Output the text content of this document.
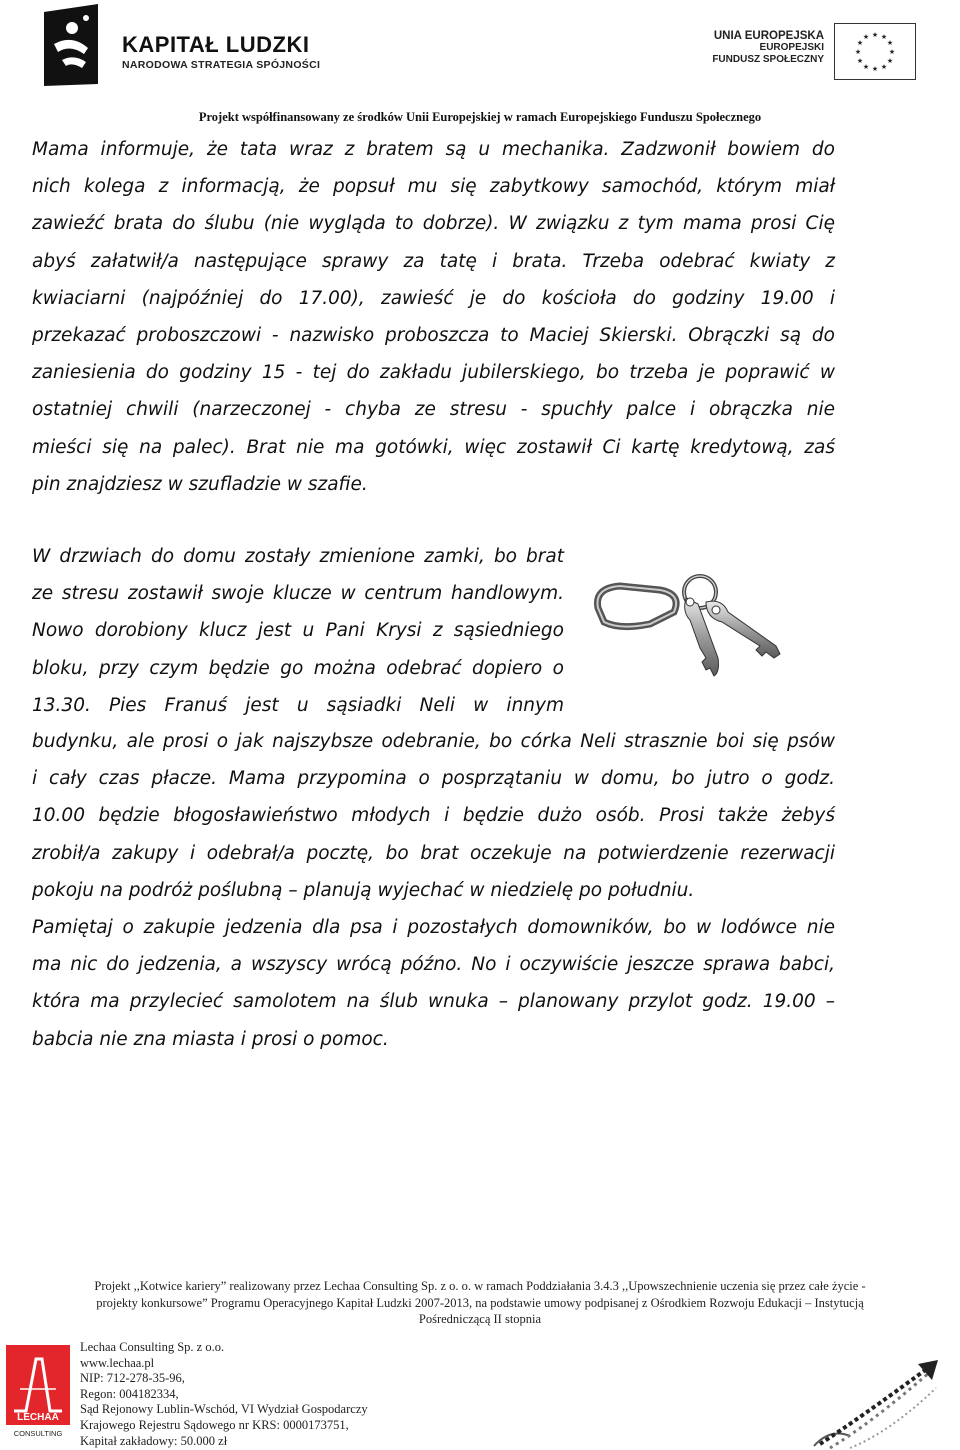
KAPITAŁ LUDZKI
NARODOWA STRATEGIA SPÓJNOŚCI
UNIA EUROPEJSKA
EUROPEJSKI
FUNDUSZ SPOŁECZNY
★ ★
★
★
★
★
★
★
★
★
★
★
Projekt współfinansowany ze środków Unii Europejskiej w ramach Europejskiego Funduszu Społecznego
Mama informuje, że tata wraz z bratem są u mechanika. Zadzwonił bowiem do
nich kolega z informacją, że popsuł mu się zabytkowy samochód, którym miał
zawieźć brata do ślubu (nie wygląda to dobrze). W związku z tym mama prosi Cię
abyś załatwił/a następujące sprawy za tatę i brata. Trzeba odebrać kwiaty z
kwiaciarni (najpóźniej do 17.00), zawieść je do kościoła do godziny 19.00 i
przekazać proboszczowi - nazwisko proboszcza to Maciej Skierski. Obrączki są do
zaniesienia do godziny 15 - tej do zakładu jubilerskiego, bo trzeba je poprawić w
ostatniej chwili (narzeczonej - chyba ze stresu - spuchły palce i obrączka nie
mieści się na palec). Brat nie ma gotówki, więc zostawił Ci kartę kredytową, zaś
pin znajdziesz w szufladzie w szafie.
W drzwiach do domu zostały zmienione zamki, bo brat
ze stresu zostawił swoje klucze w centrum handlowym.
Nowo dorobiony klucz jest u Pani Krysi z sąsiedniego
bloku, przy czym będzie go można odebrać dopiero o
13.30. Pies Franuś jest u sąsiadki Neli w innym
budynku, ale prosi o jak najszybsze odebranie, bo córka Neli strasznie boi się psów
i cały czas płacze. Mama przypomina o posprzątaniu w domu, bo jutro o godz.
10.00 będzie błogosławieństwo młodych i będzie dużo osób. Prosi także żebyś
zrobił/a zakupy i odebrał/a pocztę, bo brat oczekuje na potwierdzenie rezerwacji
pokoju na podróż poślubną – planują wyjechać w niedzielę po południu.
Pamiętaj o zakupie jedzenia dla psa i pozostałych domowników, bo w lodówce nie
ma nic do jedzenia, a wszyscy wrócą późno. No i oczywiście jeszcze sprawa babci,
która ma przylecieć samolotem na ślub wnuka – planowany przylot godz. 19.00 –
babcia nie zna miasta i prosi o pomoc.
Projekt ,,Kotwice kariery” realizowany przez Lechaa Consulting Sp. z o. o. w ramach Poddziałania 3.4.3 ,,Upowszechnienie uczenia się przez całe życie -
projekty konkursowe” Programu Operacyjnego Kapitał Ludzki 2007-2013, na podstawie umowy podpisanej z Ośrodkiem Rozwoju Edukacji – Instytucją
Pośredniczącą II stopnia
LECHAA
CONSULTING
Lechaa Consulting Sp. z o.o.
www.lechaa.pl
NIP: 712-278-35-96,
Regon: 004182334,
Sąd Rejonowy Lublin-Wschód, VI Wydział Gospodarczy
Krajowego Rejestru Sądowego nr KRS: 0000173751,
Kapitał zakładowy: 50.000 zł
